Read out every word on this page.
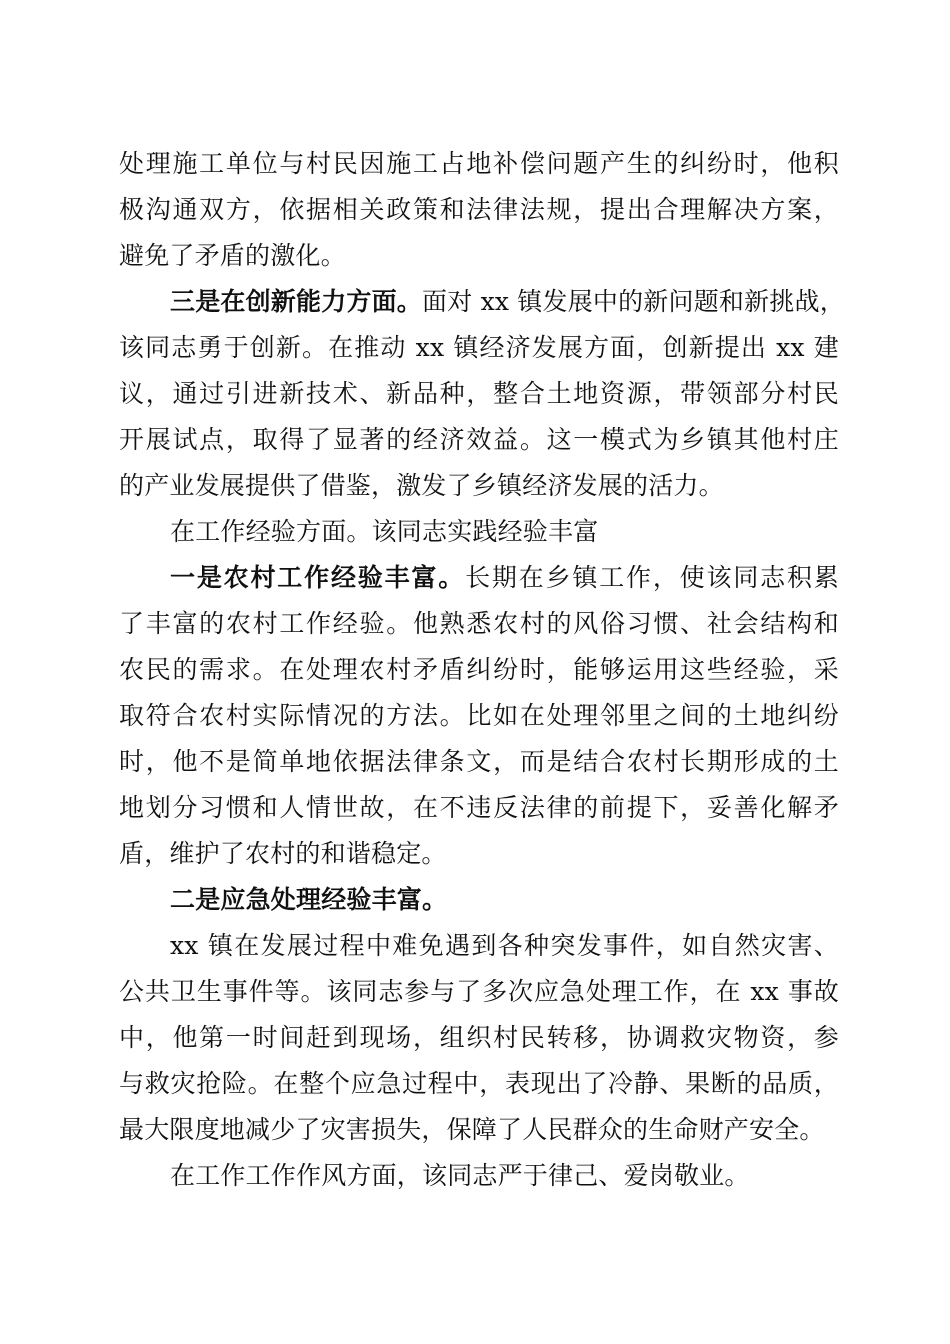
处理施工单位与村民因施工占地补偿问题产生的纠纷时，他积
极沟通双方，依据相关政策和法律法规，提出合理解决方案，
避免了矛盾的激化。
三是在创新能力方面。面对 xx 镇发展中的新问题和新挑战，
该同志勇于创新。在推动 xx 镇经济发展方面，创新提出 xx 建
议，通过引进新技术、新品种，整合土地资源，带领部分村民
开展试点，取得了显著的经济效益。这一模式为乡镇其他村庄
的产业发展提供了借鉴，激发了乡镇经济发展的活力。
在工作经验方面。该同志实践经验丰富
一是农村工作经验丰富。长期在乡镇工作，使该同志积累
了丰富的农村工作经验。他熟悉农村的风俗习惯、社会结构和
农民的需求。在处理农村矛盾纠纷时，能够运用这些经验，采
取符合农村实际情况的方法。比如在处理邻里之间的土地纠纷
时，他不是简单地依据法律条文，而是结合农村长期形成的土
地划分习惯和人情世故，在不违反法律的前提下，妥善化解矛
盾，维护了农村的和谐稳定。
二是应急处理经验丰富。
xx 镇在发展过程中难免遇到各种突发事件，如自然灾害、
公共卫生事件等。该同志参与了多次应急处理工作，在 xx 事故
中，他第一时间赶到现场，组织村民转移，协调救灾物资，参
与救灾抢险。在整个应急过程中，表现出了冷静、果断的品质，
最大限度地减少了灾害损失，保障了人民群众的生命财产安全。
在工作工作作风方面，该同志严于律己、爱岗敬业。
